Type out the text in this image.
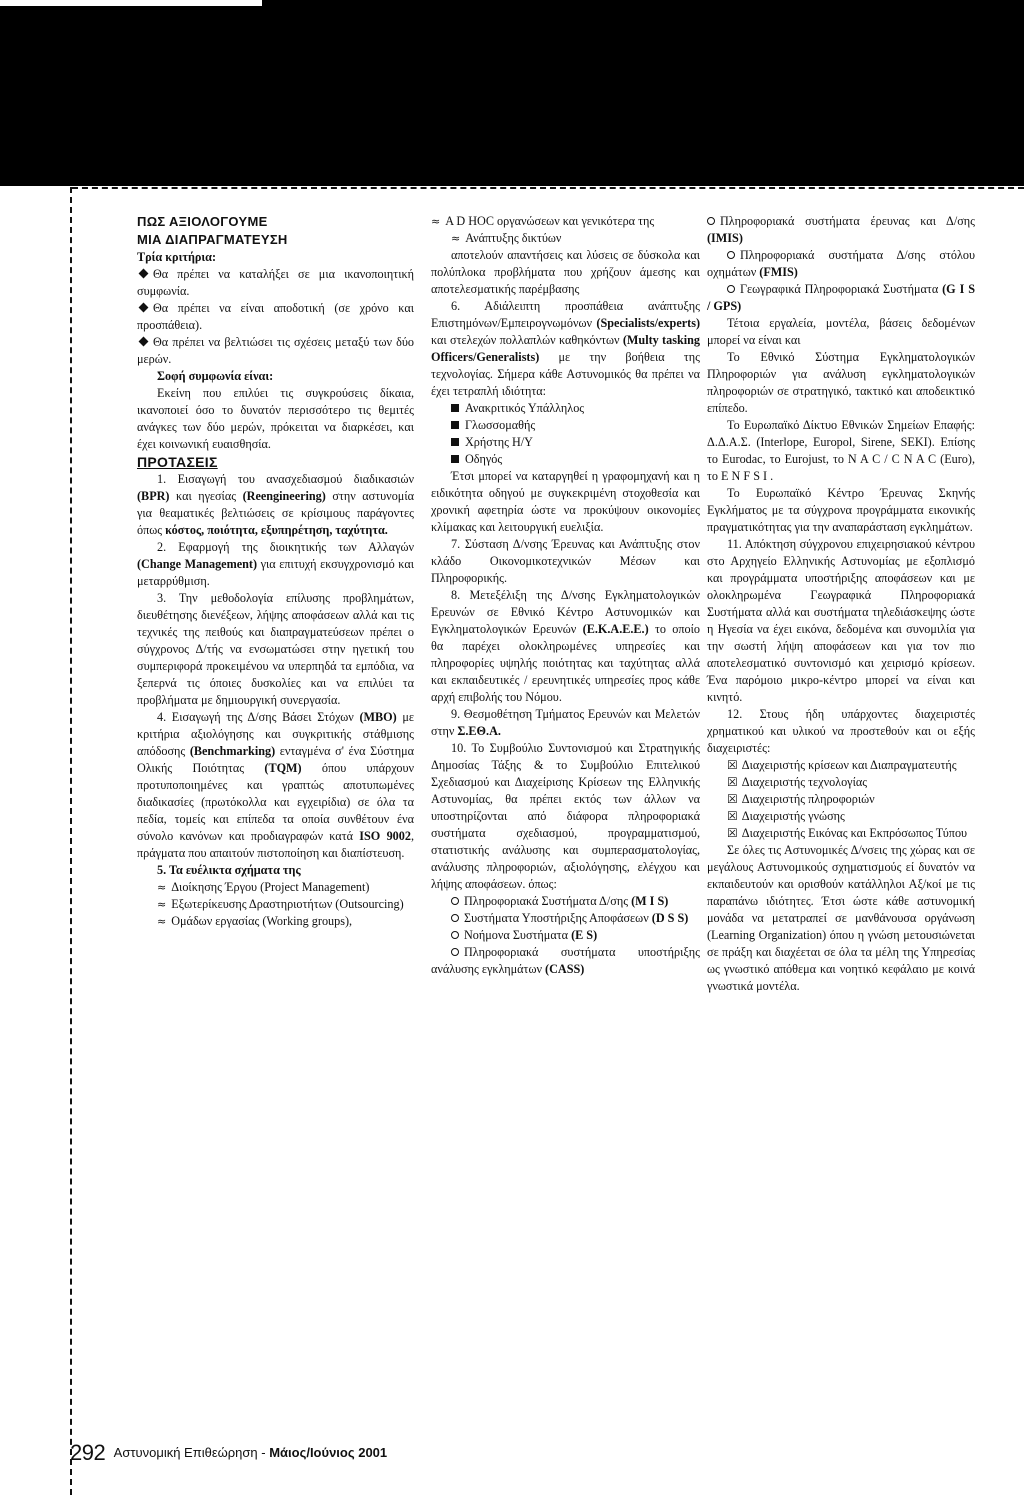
ΠΩΣ ΑΞΙΟΛΟΓΟΥΜΕ

ΜΙΑ ΔΙΑΠΡΑΓΜΑΤΕΥΣΗ

Τρία κριτήρια:

Θα πρέπει να καταλήξει σε μια ικανοποιητική συμφωνία.

Θα πρέπει να είναι αποδοτική (σε χρόνο και προσπάθεια).

Θα πρέπει να βελτιώσει τις σχέσεις μεταξύ των δύο μερών.

Σοφή συμφωνία είναι:

Εκείνη που επιλύει τις συγκρούσεις δίκαια, ικανοποιεί όσο το δυνατόν περισσότερο τις θεμιτές ανάγκες των δύο μερών, πρόκειται να διαρκέσει, και έχει κοινωνική ευαισθησία.

ΠΡΟΤΑΣΕΙΣ

1. Εισαγωγή του ανασχεδιασμού διαδικασιών (BPR) και ηγεσίας (Reengineering) στην αστυνομία για θεαματικές βελτιώσεις σε κρίσιμους παράγοντες όπως κόστος, ποιότητα, εξυπηρέτηση, ταχύτητα.

2. Εφαρμογή της διοικητικής των Αλλαγών (Change Management) για επιτυχή εκσυγχρονισμό και μεταρρύθμιση.

3. Την μεθοδολογία επίλυσης προβλημάτων, διευθέτησης διενέξεων, λήψης αποφάσεων αλλά και τις τεχνικές της πειθούς και διαπραγματεύσεων πρέπει ο σύγχρονος Δ/τής να ενσωματώσει στην ηγετική του συμπεριφορά προκειμένου να υπερπηδά τα εμπόδια, να ξεπερνά τις όποιες δυσκολίες και να επιλύει τα προβλήματα με δημιουργική συνεργασία.

4. Εισαγωγή της Δ/σης Βάσει Στόχων (ΜΒΟ) με κριτήρια αξιολόγησης και συγκριτικής στάθμισης απόδοσης (Benchmarking) ενταγμένα σ' ένα Σύστημα Ολικής Ποιότητας (TQM) όπου υπάρχουν προτυποποιημένες και γραπτώς αποτυπωμένες διαδικασίες (πρωτόκολλα και εγχειρίδια) σε όλα τα πεδία, τομείς και επίπεδα τα οποία συνθέτουν ένα σύνολο κανόνων και προδιαγραφών κατά ISO 9002, πράγματα που απαιτούν πιστοποίηση και διαπίστευση.

5. Τα ευέλικτα σχήματα της

≈ Διοίκησης Έργου (Project Management)

≈ Εξωτερίκευσης Δραστηριοτήτων (Outsourcing)

≈ Ομάδων εργασίας (Working groups),

≈ A D HOC οργανώσεων και γενικότερα της

≈ Ανάπτυξης δικτύων

αποτελούν απαντήσεις και λύσεις σε δύσκολα και πολύπλοκα προβλήματα που χρήζουν άμεσης και αποτελεσματικής παρέμβασης

6. Αδιάλειπτη προσπάθεια ανάπτυξης Επιστημόνων/Εμπειρογνωμόνων (Specialists/experts) και στελεχών πολλαπλών καθηκόντων (Multy tasking Officers/Generalists) με την βοήθεια της τεχνολογίας. Σήμερα κάθε Αστυνομικός θα πρέπει να έχει τετραπλή ιδιότητα:

Ανακριτικός Υπάλληλος

Γλωσσομαθής

Χρήστης Η/Υ

Οδηγός

Έτσι μπορεί να καταργηθεί η γραφομηχανή και η ειδικότητα οδηγού με συγκεκριμένη στοχοθεσία και χρονική αφετηρία ώστε να προκύψουν οικονομίες κλίμακας και λειτουργική ευελιξία.

7. Σύσταση Δ/νσης Έρευνας και Ανάπτυξης στον κλάδο Οικονομικοτεχνικών Μέσων και Πληροφορικής.

8. Μετεξέλιξη της Δ/νσης Εγκληματολογικών Ερευνών σε Εθνικό Κέντρο Αστυνομικών και Εγκληματολογικών Ερευνών (Ε.Κ.Α.Ε.Ε.) το οποίο θα παρέχει ολοκληρωμένες υπηρεσίες και πληροφορίες υψηλής ποιότητας και ταχύτητας αλλά και εκπαιδευτικές / ερευνητικές υπηρεσίες προς κάθε αρχή επιβολής του Νόμου.

9. Θεσμοθέτηση Τμήματος Ερευνών και Μελετών στην Σ.ΕΘ.Α.

10. Το Συμβούλιο Συντονισμού και Στρατηγικής Δημοσίας Τάξης & το Συμβούλιο Επιτελικού Σχεδιασμού και Διαχείρισης Κρίσεων της Ελληνικής Αστυνομίας, θα πρέπει εκτός των άλλων να υποστηρίζονται από διάφορα πληροφοριακά συστήματα σχεδιασμού, προγραμματισμού, στατιστικής ανάλυσης και συμπερασματολογίας, ανάλυσης πληροφοριών, αξιολόγησης, ελέγχου και λήψης αποφάσεων. όπως:

Πληροφοριακά Συστήματα Δ/σης (M I S)

Συστήματα Υποστήριξης Αποφάσεων (D S S)

Νοήμονα Συστήματα (E S)

Πληροφοριακά συστήματα υποστήριξης ανάλυσης εγκλημάτων (CASS)

Πληροφοριακά συστήματα έρευνας και Δ/σης (IMIS)

Πληροφοριακά συστήματα Δ/σης στόλου οχημάτων (FMIS)

Γεωγραφικά Πληροφοριακά Συστήματα (G I S / GPS)

Τέτοια εργαλεία, μοντέλα, βάσεις δεδομένων μπορεί να είναι και

Το Εθνικό Σύστημα Εγκληματολογικών Πληροφοριών για ανάλυση εγκληματολογικών πληροφοριών σε στρατηγικό, τακτικό και αποδεικτικό επίπεδο.

Το Ευρωπαϊκό Δίκτυο Εθνικών Σημείων Επαφής: Δ.Δ.Α.Σ. (Interlope, Europol, Sirene, SEKI). Επίσης το Eurodac, το Eurojust, το N A C / C N A C (Euro), το E N F S I .

Το Ευρωπαϊκό Κέντρο Έρευνας Σκηνής Εγκλήματος με τα σύγχρονα προγράμματα εικονικής πραγματικότητας για την αναπαράσταση εγκλημάτων.

11. Απόκτηση σύγχρονου επιχειρησιακού κέντρου στο Αρχηγείο Ελληνικής Αστυνομίας με εξοπλισμό και προγράμματα υποστήριξης αποφάσεων και με ολοκληρωμένα Γεωγραφικά Πληροφοριακά Συστήματα αλλά και συστήματα τηλεδιάσκεψης ώστε η Ηγεσία να έχει εικόνα, δεδομένα και συνομιλία για την σωστή λήψη αποφάσεων και για τον πιο αποτελεσματικό συντονισμό και χειρισμό κρίσεων. Ένα παρόμοιο μικρο-κέντρο μπορεί να είναι και κινητό.

12. Στους ήδη υπάρχοντες διαχειριστές χρηματικού και υλικού να προστεθούν και οι εξής διαχειριστές:

☒ Διαχειριστής κρίσεων και Διαπραγματευτής

☒ Διαχειριστής τεχνολογίας

☒ Διαχειριστής πληροφοριών

☒ Διαχειριστής γνώσης

☒ Διαχειριστής Εικόνας και Εκπρόσωπος Τύπου

Σε όλες τις Αστυνομικές Δ/νσεις της χώρας και σε μεγάλους Αστυνομικούς σχηματισμούς εί δυνατόν να εκπαιδευτούν και ορισθούν κατάλληλοι Αξ/κοί με τις παραπάνω ιδιότητες. Έτσι ώστε κάθε αστυνομική μονάδα να μετατραπεί σε μανθάνουσα οργάνωση (Learning Organization) όπου η γνώση μετουσιώνεται σε πράξη και διαχέεται σε όλα τα μέλη της Υπηρεσίας ως γνωστικό απόθεμα και νοητικό κεφάλαιο με κοινά γνωστικά μοντέλα.

292 Αστυνομική Επιθεώρηση - Μάιος/Ιούνιος 2001
